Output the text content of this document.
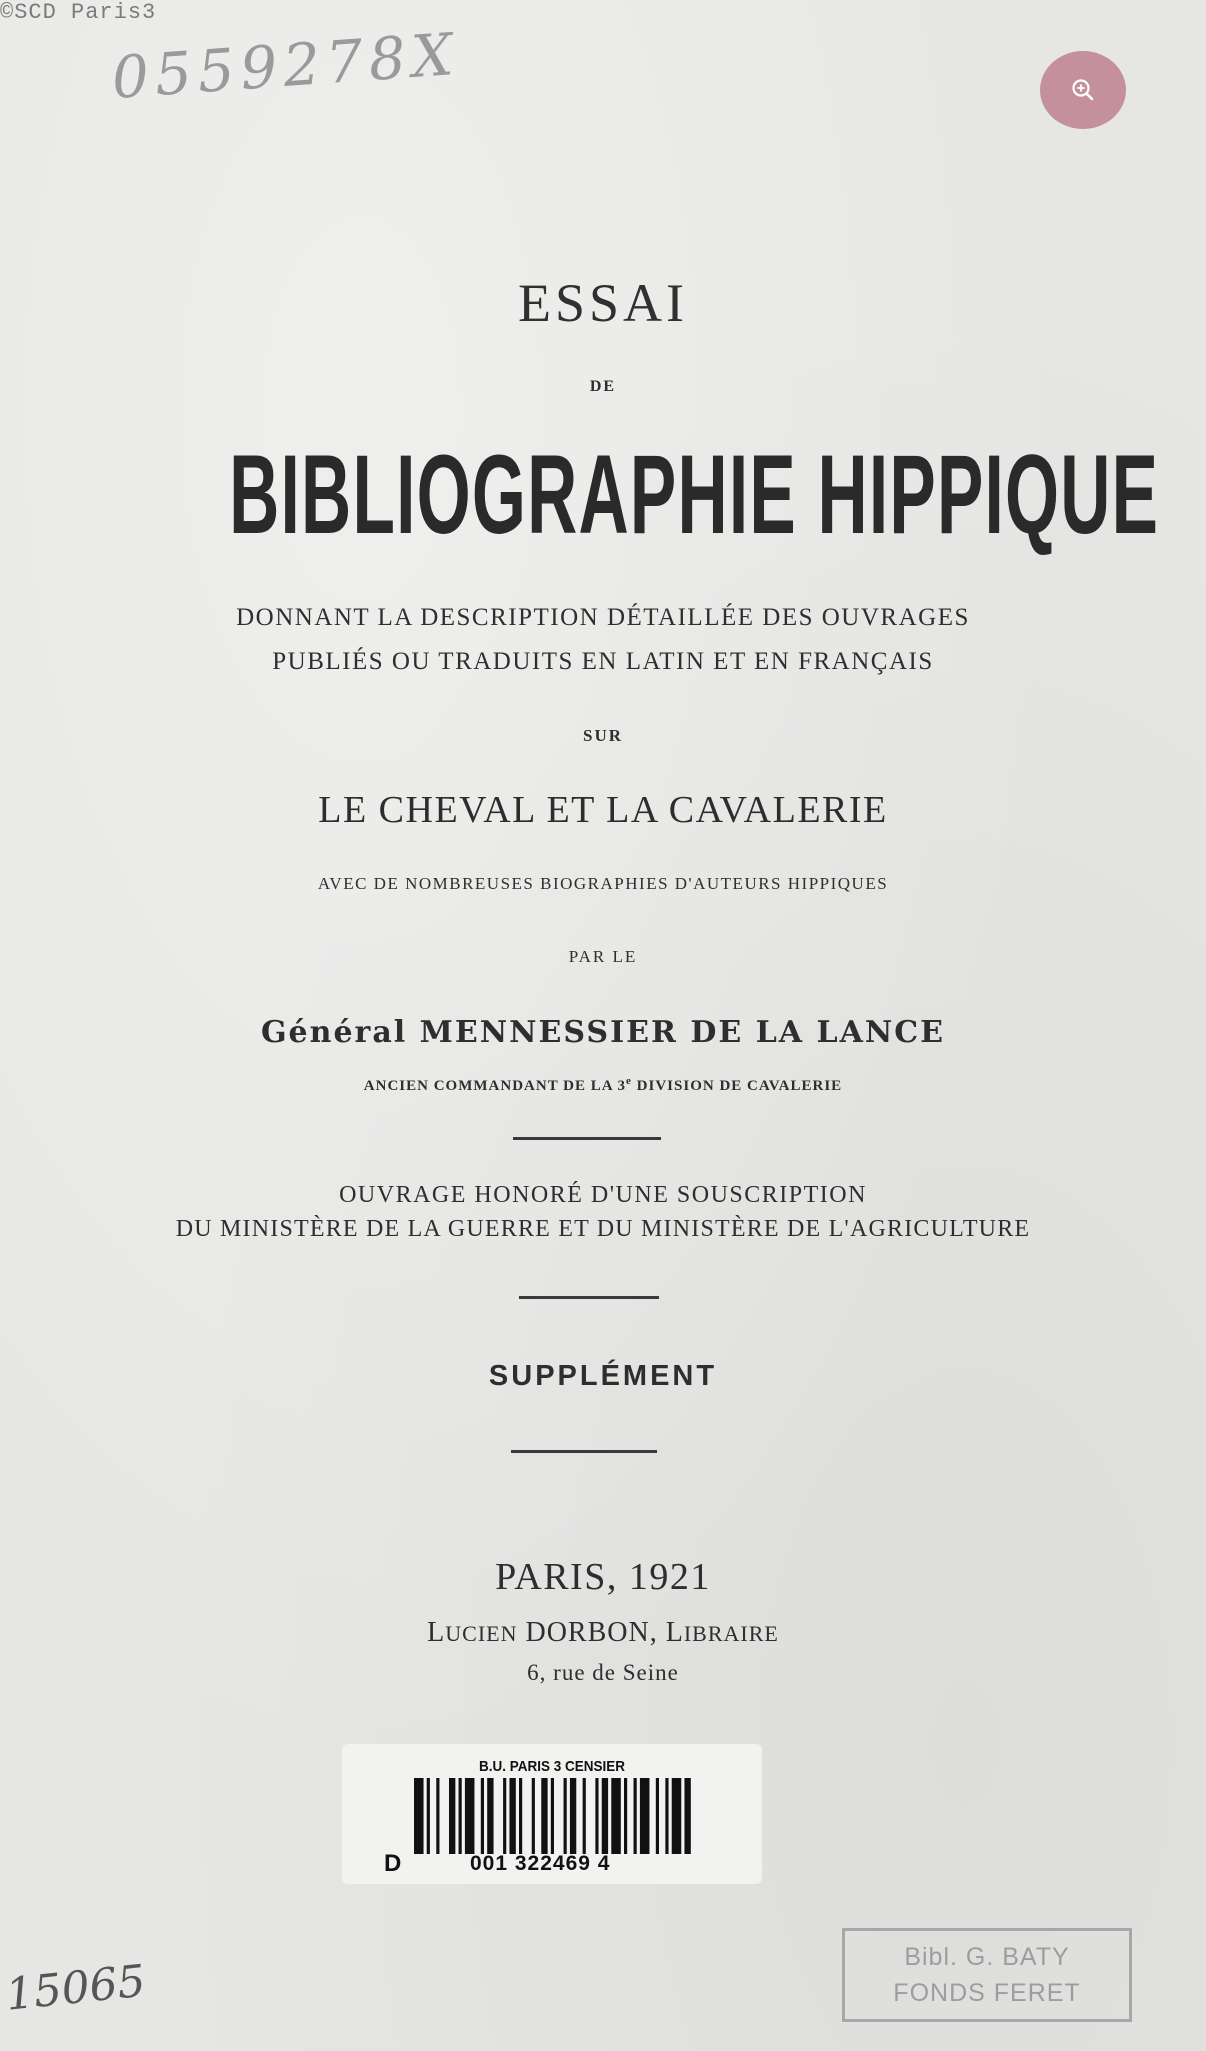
©SCD Paris3
0559278X
ESSAI
DE
BIBLIOGRAPHIE HIPPIQUE
DONNANT LA DESCRIPTION DÉTAILLÉE DES OUVRAGES
PUBLIÉS OU TRADUITS EN LATIN ET EN FRANÇAIS
SUR
LE CHEVAL ET LA CAVALERIE
AVEC DE NOMBREUSES BIOGRAPHIES D'AUTEURS HIPPIQUES
PAR LE
Général MENNESSIER DE LA LANCE
ANCIEN COMMANDANT DE LA 3e DIVISION DE CAVALERIE
OUVRAGE HONORÉ D'UNE SOUSCRIPTION
DU MINISTÈRE DE LA GUERRE ET DU MINISTÈRE DE L'AGRICULTURE
SUPPLÉMENT
PARIS, 1921
LUCIEN DORBON, LIBRAIRE
6, rue de Seine
B.U. PARIS 3 CENSIER
D	001 322469 4
Bibl. G. BATY
FONDS FERET
15065
